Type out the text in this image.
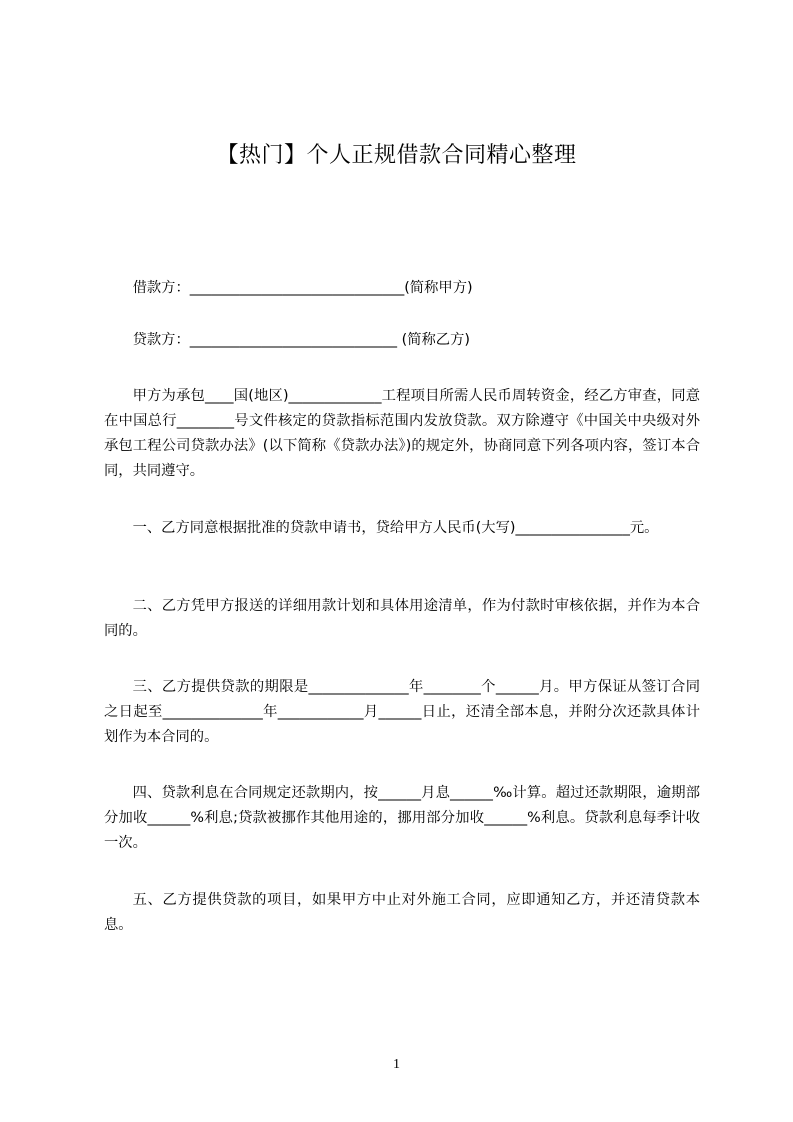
【热门】个人正规借款合同精心整理

借款方：______________________________(简称甲方)

贷款方：_____________________________ (简称乙方)

甲方为承包____国(地区)_____________工程项目所需人民币周转资金，经乙方审查，同意在中国总行________号文件核定的贷款指标范围内发放贷款。双方除遵守《中国关中央级对外承包工程公司贷款办法》(以下简称《贷款办法》)的规定外，协商同意下列各项内容，签订本合同，共同遵守。

一、乙方同意根据批准的贷款申请书，贷给甲方人民币(大写)________________元。

二、乙方凭甲方报送的详细用款计划和具体用途清单，作为付款时审核依据，并作为本合同的。

三、乙方提供贷款的期限是______________年________个______月。甲方保证从签订合同之日起至______________年____________月______日止，还清全部本息，并附分次还款具体计划作为本合同的。

四、贷款利息在合同规定还款期内，按______月息______‰计算。超过还款期限，逾期部分加收______%利息;贷款被挪作其他用途的，挪用部分加收______%利息。贷款利息每季计收一次。

五、乙方提供贷款的项目，如果甲方中止对外施工合同，应即通知乙方，并还清贷款本息。

1
